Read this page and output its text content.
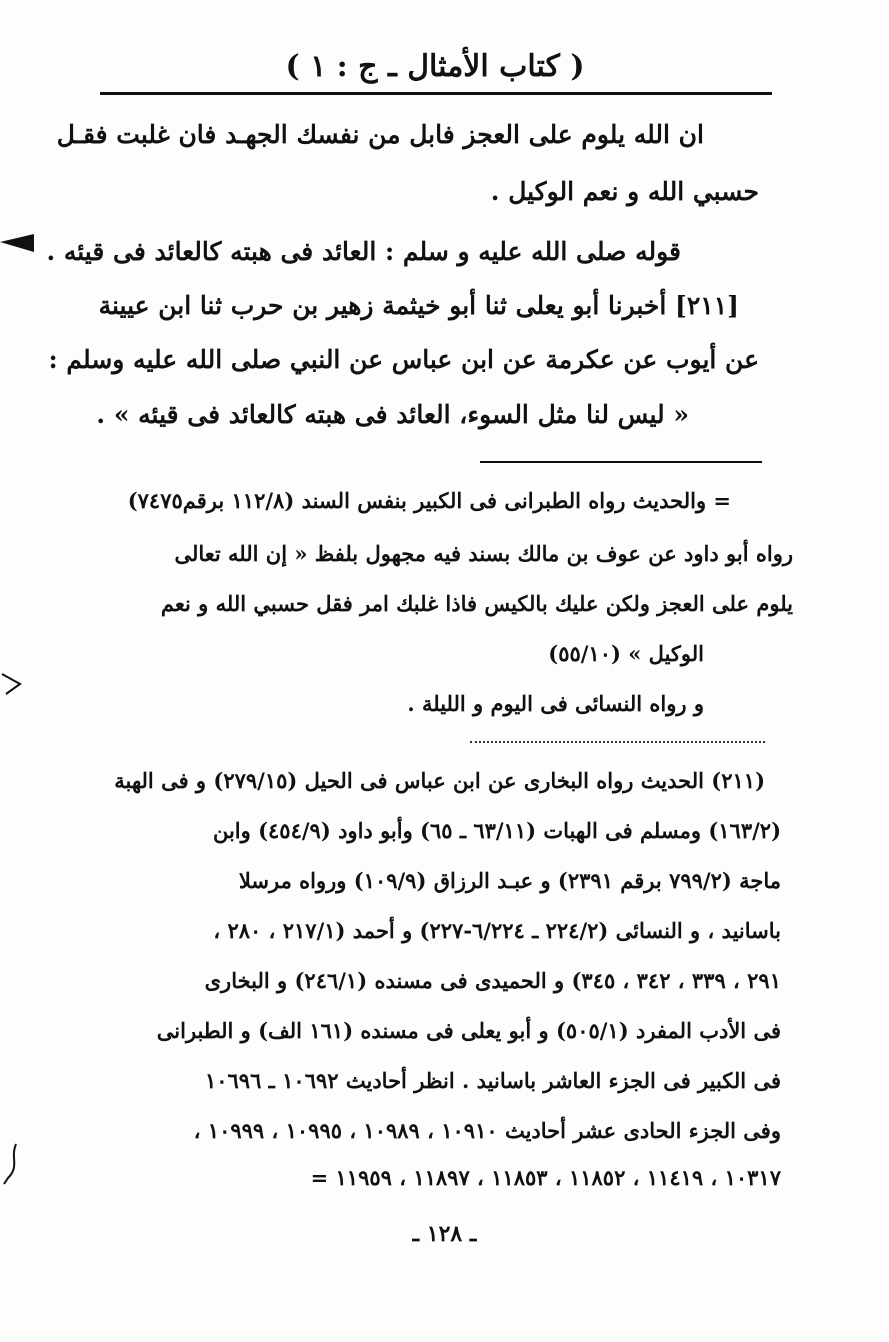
( كتاب الأمثال ـ ج : ١ )
ان الله يلوم على العجز فابل من نفسك الجهـد فان غلبت فقـل
حسبي الله و نعم الوكيل .
قوله صلى الله عليه و سلم : العائد فى هبته كالعائد فى قيئه .
[٢١١] أخبرنا أبو يعلى ثنا أبو خيثمة زهير بن حرب ثنا ابن عيينة
عن أيوب عن عكرمة عن ابن عباس عن النبي صلى الله عليه وسلم :
« ليس لنا مثل السوء، العائد فى هبته كالعائد فى قيئه » .
= والحديث رواه الطبرانى فى الكبير بنفس السند (١١٢/٨ برقم٧٤٧٥)
رواه أبو داود عن عوف بن مالك بسند فيه مجهول بلفظ « إن الله تعالى
يلوم على العجز ولكن عليك بالكيس فاذا غلبك امر فقل حسبي الله و نعم
الوكيل » (٥٥/١٠)
و رواه النسائى فى اليوم و الليلة .
(٢١١) الحديث رواه البخارى عن ابن عباس فى الحيل (٢٧٩/١٥) و فى الهبة
(١٦٣/٢) ومسلم فى الهبات (٦٣/١١ ـ ٦٥) وأبو داود (٤٥٤/٩) وابن
ماجة (٧٩٩/٢ برقم ٢٣٩١) و عبـد الرزاق (١٠٩/٩) ورواه مرسلا
باسانيد ، و النسائى (٢٢٤/٢ ـ ٦/٢٢٤-٢٢٧) و أحمد (٢١٧/١ ، ٢٨٠ ،
٢٩١ ، ٣٣٩ ، ٣٤٢ ، ٣٤٥) و الحميدى فى مسنده (٢٤٦/١) و البخارى
فى الأدب المفرد (٥٠٥/١) و أبو يعلى فى مسنده (١٦١ الف) و الطبرانى
فى الكبير فى الجزء العاشر باسانيد . انظر أحاديث ١٠٦٩٢ ـ ١٠٦٩٦
وفى الجزء الحادى عشر أحاديث ١٠٩١٠ ، ١٠٩٨٩ ، ١٠٩٩٥ ، ١٠٩٩٩ ،
١٠٣١٧ ، ١١٤١٩ ، ١١٨٥٢ ، ١١٨٥٣ ، ١١٨٩٧ ، ١١٩٥٩ =
ـ ١٢٨ ـ
